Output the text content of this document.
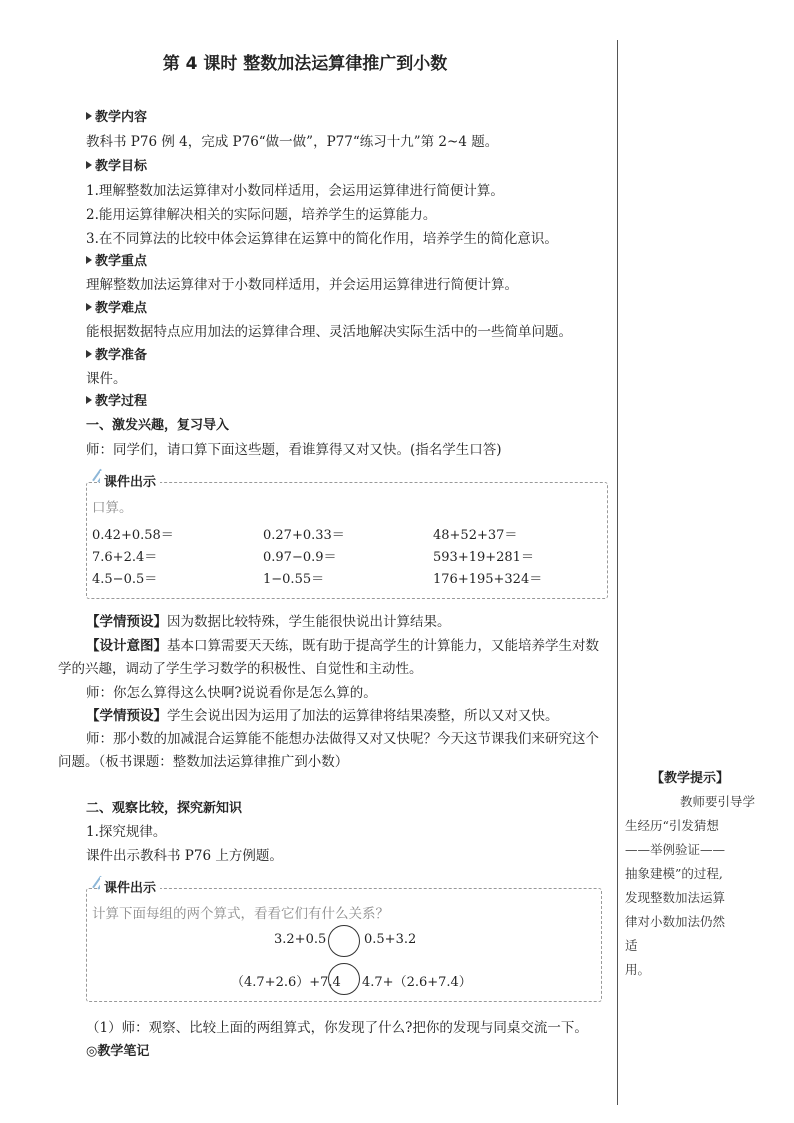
第 4 课时 整数加法运算律推广到小数
教学内容
教科书 P76 例 4，完成 P76“做一做”，P77“练习十九”第 2~4 题。
教学目标
1.理解整数加法运算律对小数同样适用，会运用运算律进行简便计算。
2.能用运算律解决相关的实际问题，培养学生的运算能力。
3.在不同算法的比较中体会运算律在运算中的简化作用，培养学生的简化意识。
教学重点
理解整数加法运算律对于小数同样适用，并会运用运算律进行简便计算。
教学难点
能根据数据特点应用加法的运算律合理、灵活地解决实际生活中的一些简单问题。
教学准备
课件。
教学过程
一、激发兴趣，复习导入
师：同学们，请口算下面这些题，看谁算得又对又快。(指名学生口答)
课件出示
口算。
0.42+0.58＝	0.27+0.33＝	48+52+37＝
7.6+2.4＝	0.97−0.9＝	593+19+281＝
4.5−0.5＝	1−0.55＝	176+195+324＝
【学情预设】因为数据比较特殊，学生能很快说出计算结果。
【设计意图】基本口算需要天天练，既有助于提高学生的计算能力，又能培养学生对数
学的兴趣，调动了学生学习数学的积极性、自觉性和主动性。
师：你怎么算得这么快啊?说说看你是怎么算的。
【学情预设】学生会说出因为运用了加法的运算律将结果凑整，所以又对又快。
师：那小数的加减混合运算能不能想办法做得又对又快呢？今天这节课我们来研究这个
问题。（板书课题：整数加法运算律推广到小数）
二、观察比较，探究新知识
1.探究规律。
课件出示教科书 P76 上方例题。
课件出示
计算下面每组的两个算式，看看它们有什么关系？
3.2+0.5	0.5+3.2
（4.7+2.6）+7.4 4.7+（2.6+7.4）
（1）师：观察、比较上面的两组算式，你发现了什么?把你的发现与同桌交流一下。
◎教学笔记
【教学提示】
教师要引导学
生经历“引发猜想
——举例验证——
抽象建模”的过程,
发现整数加法运算
律对小数加法仍然
适
用。
